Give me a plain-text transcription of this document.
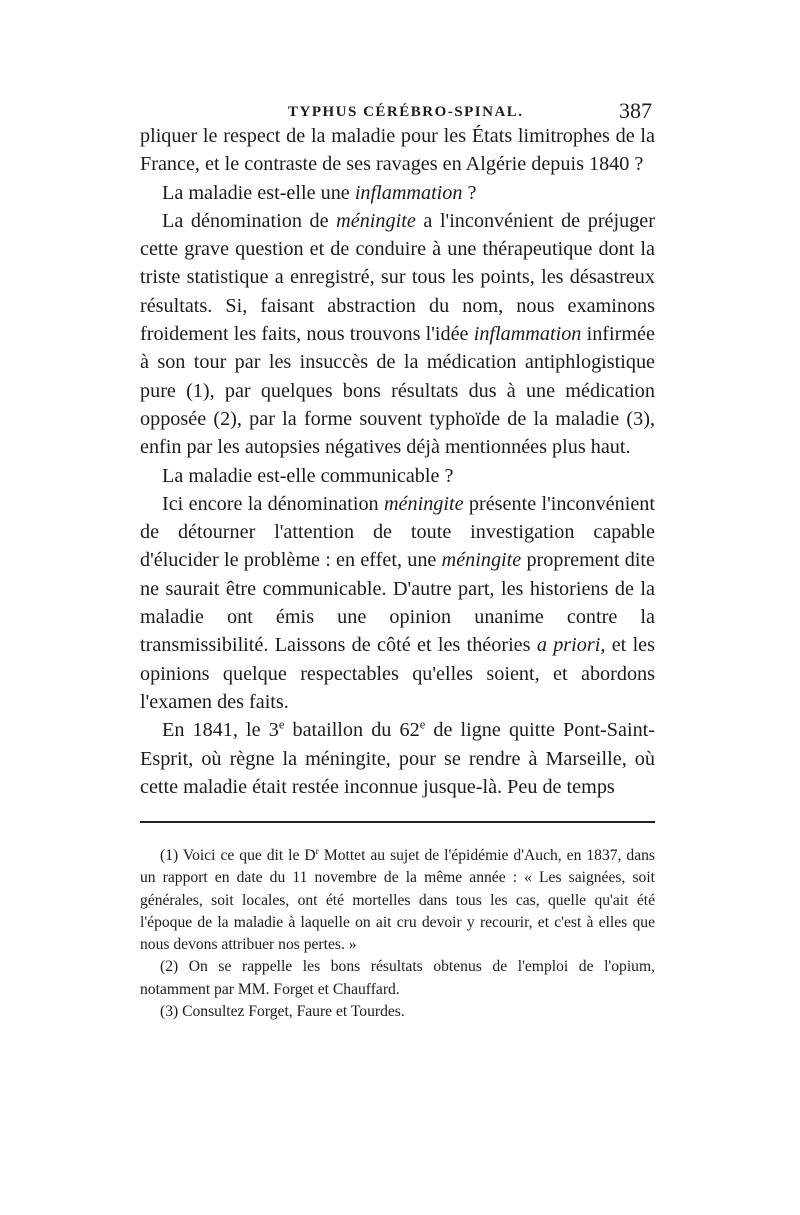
TYPHUS CÉRÉBRO-SPINAL.	387

pliquer le respect de la maladie pour les États limitrophes de la France, et le contraste de ses ravages en Algérie depuis 1840 ?

La maladie est-elle une inflammation ?

La dénomination de méningite a l'inconvénient de préjuger cette grave question et de conduire à une thérapeutique dont la triste statistique a enregistré, sur tous les points, les désastreux résultats. Si, faisant abstraction du nom, nous examinons froidement les faits, nous trouvons l'idée inflammation infirmée à son tour par les insuccès de la médication antiphlogistique pure (1), par quelques bons résultats dus à une médication opposée (2), par la forme souvent typhoïde de la maladie (3), enfin par les autopsies négatives déjà mentionnées plus haut.

La maladie est-elle communicable ?

Ici encore la dénomination méningite présente l'inconvénient de détourner l'attention de toute investigation capable d'élucider le problème : en effet, une méningite proprement dite ne saurait être communicable. D'autre part, les historiens de la maladie ont émis une opinion unanime contre la transmissibilité. Laissons de côté et les théories a priori, et les opinions quelque respectables qu'elles soient, et abordons l'examen des faits.

En 1841, le 3e bataillon du 62e de ligne quitte Pont-Saint-Esprit, où règne la méningite, pour se rendre à Marseille, où cette maladie était restée inconnue jusque-là. Peu de temps

(1) Voici ce que dit le $D^r$ Mottet au sujet de l'épidémie d'Auch, en 1837, dans un rapport en date du 11 novembre de la même année : « Les saignées, soit générales, soit locales, ont été mortelles dans tous les cas, quelle qu'ait été l'époque de la maladie à laquelle on ait cru devoir y recourir, et c'est à elles que nous devons attribuer nos pertes. »

(2) On se rappelle les bons résultats obtenus de l'emploi de l'opium, notamment par MM. Forget et Chauffard.

(3) Consultez Forget, Faure et Tourdes.
